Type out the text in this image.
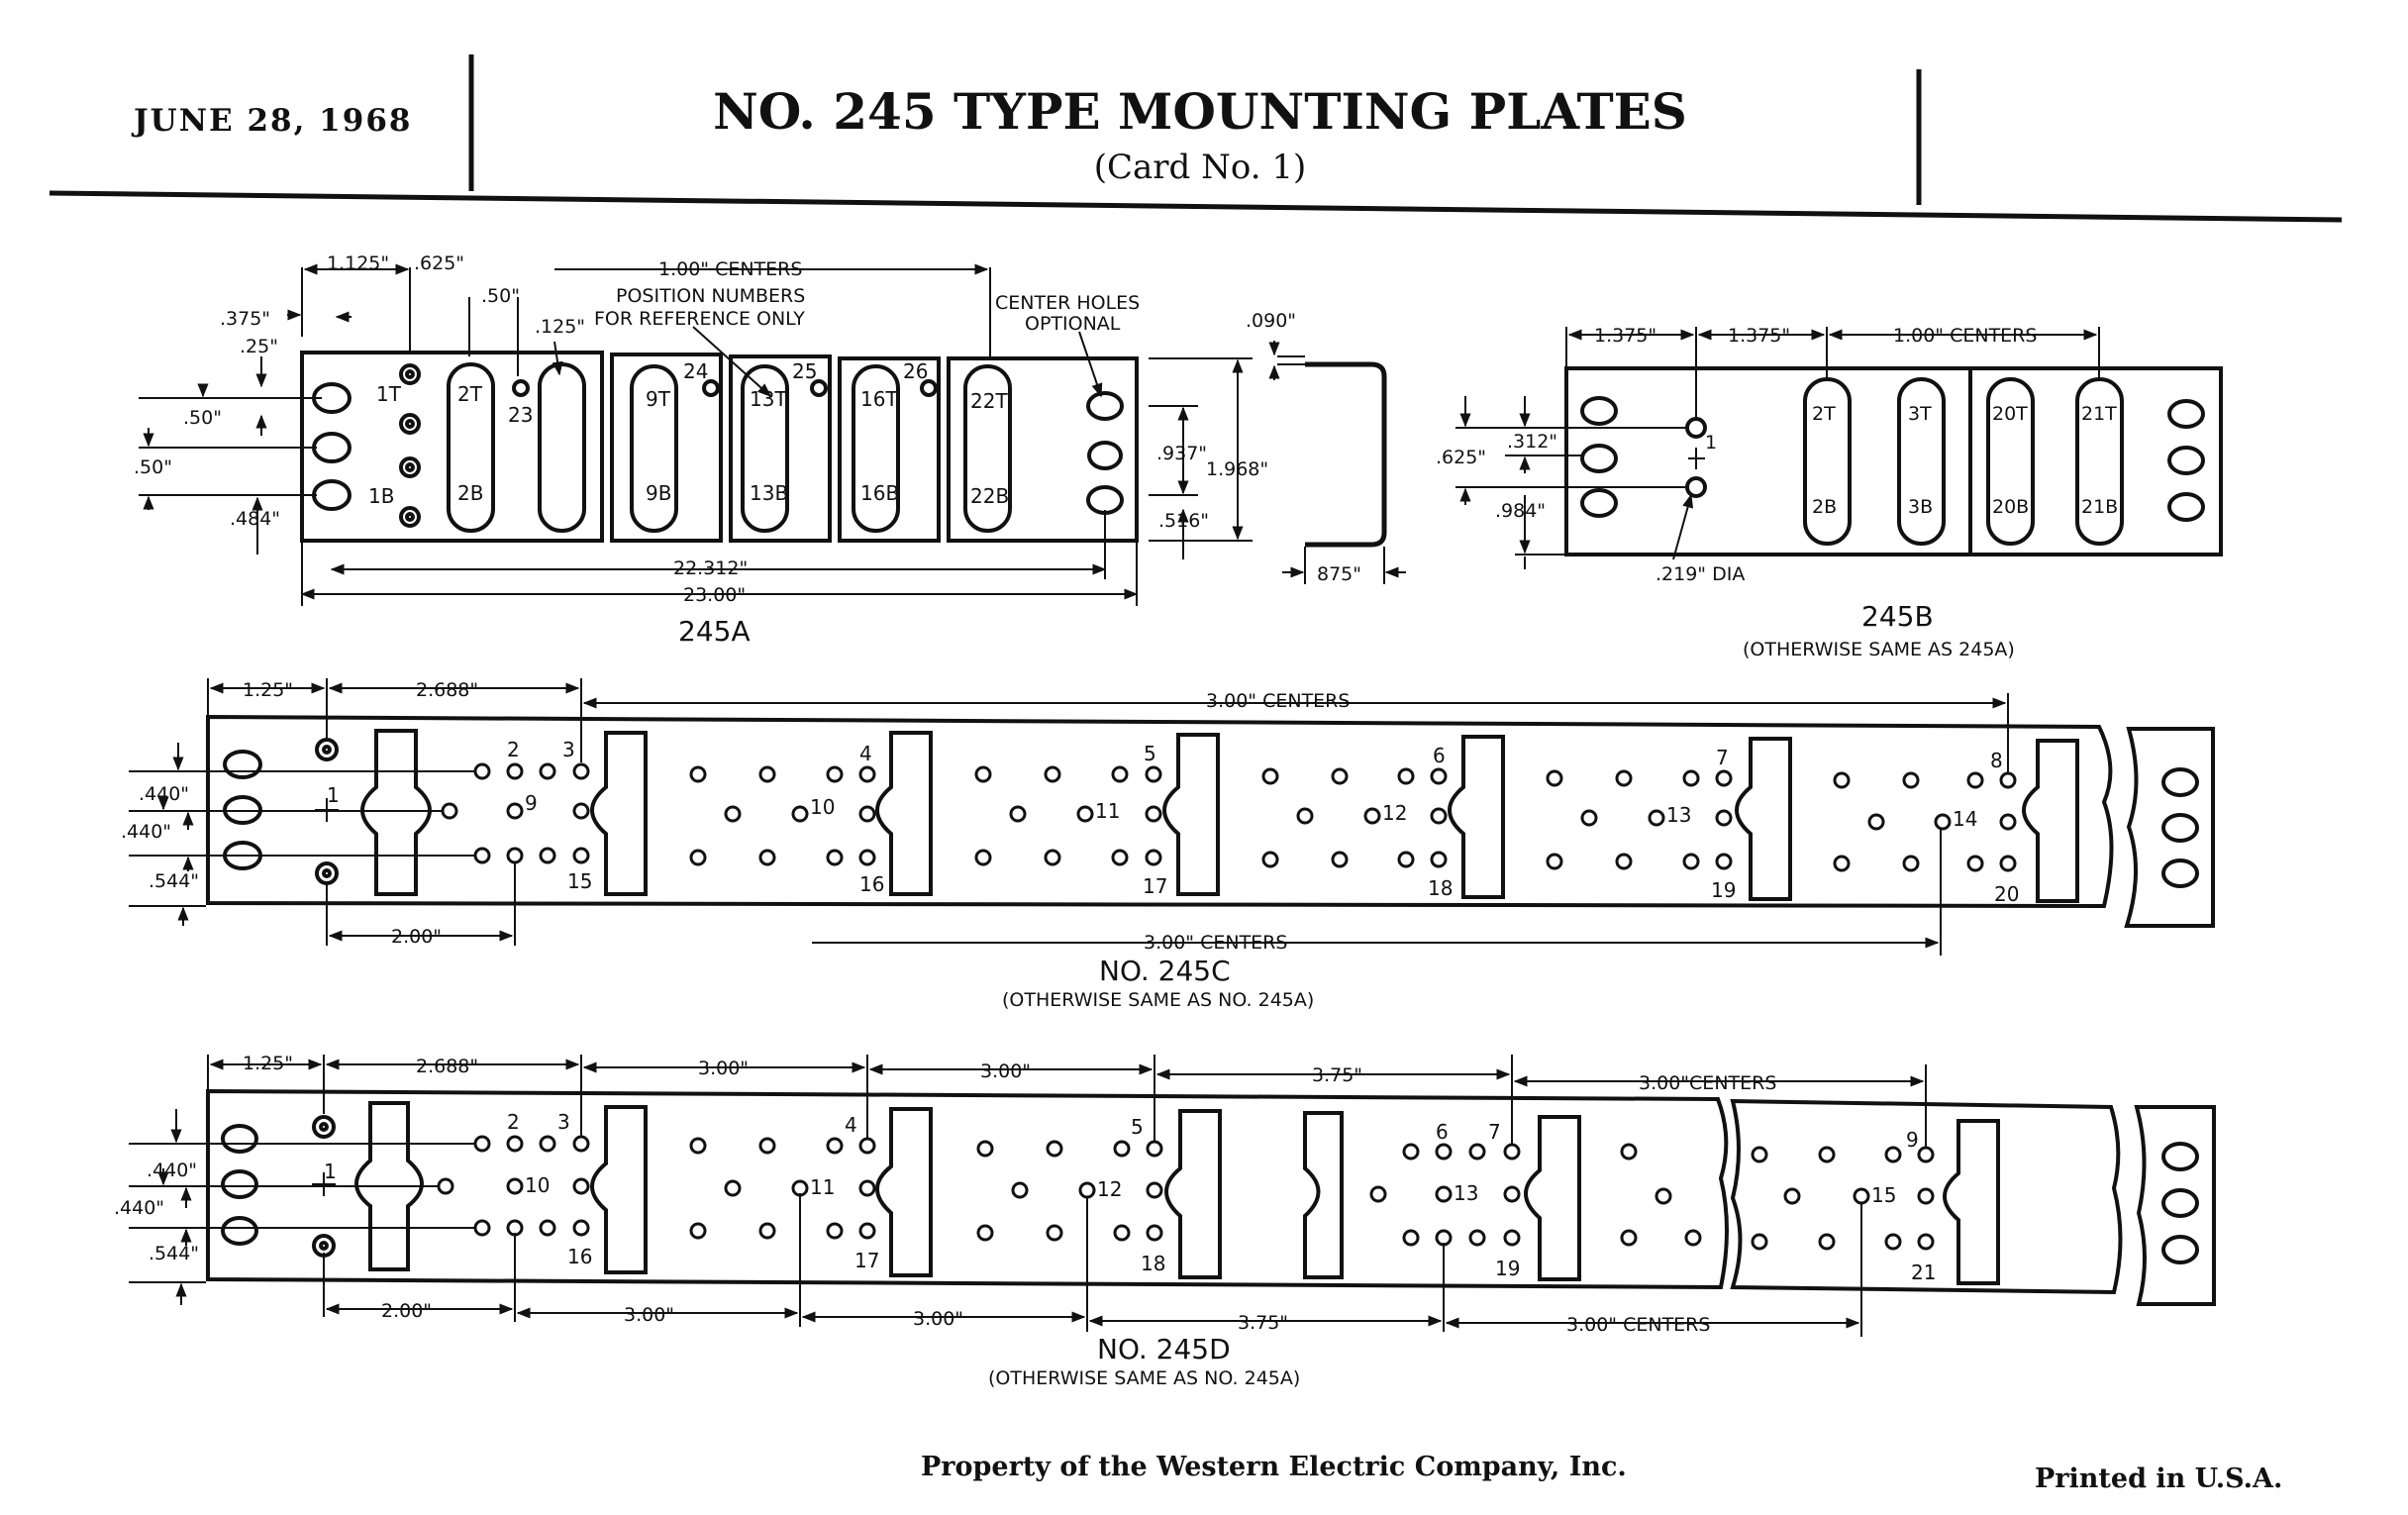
JUNE 28, 1968	NO. 245 TYPE MOUNTING PLATES
(Card No. 1)
1T
1B
2T
2B
23
9T
9B
24
13T
13B
25
16T
16B
26
22T
22B
1.125" .625"	1.00" CENTERS
.50"
.125"
.375"
.25"
.50"
.50"
.484"
.090"
.937"
1.968"
.516"
22.312"
23.00"
875"
POSITION NUMBERS
FOR REFERENCE ONLY
CENTER HOLES
OPTIONAL
245A
1
2T
2B
3T
3B
20T
20B
21T
21B
1.375"	1.375"	1.00" CENTERS
.625"
.312"
.984"
.219" DIA
245B
(OTHERWISE SAME AS 245A)
1
2 3	4	5	6	7	8
9	10	11	12	13	14
15	16	17	18	19	20
1.25"	2.688"	3.00" CENTERS
.440"
.440"
.544"
2.00"	3.00" CENTERS
NO. 245C
(OTHERWISE SAME AS NO. 245A)
1
2 3	4	5	6 7	9
10	11	12	13	15
16	17	18	19	21
1.25"	2.688"	3.00"	3.00"	3.75"	3.00"CENTERS
.440"
.440"
.544"
2.00"	3.00"	3.00"	3.75"	3.00" CENTERS
NO. 245D
(OTHERWISE SAME AS NO. 245A)
Property of the Western Electric Company, Inc.	Printed in U.S.A.
